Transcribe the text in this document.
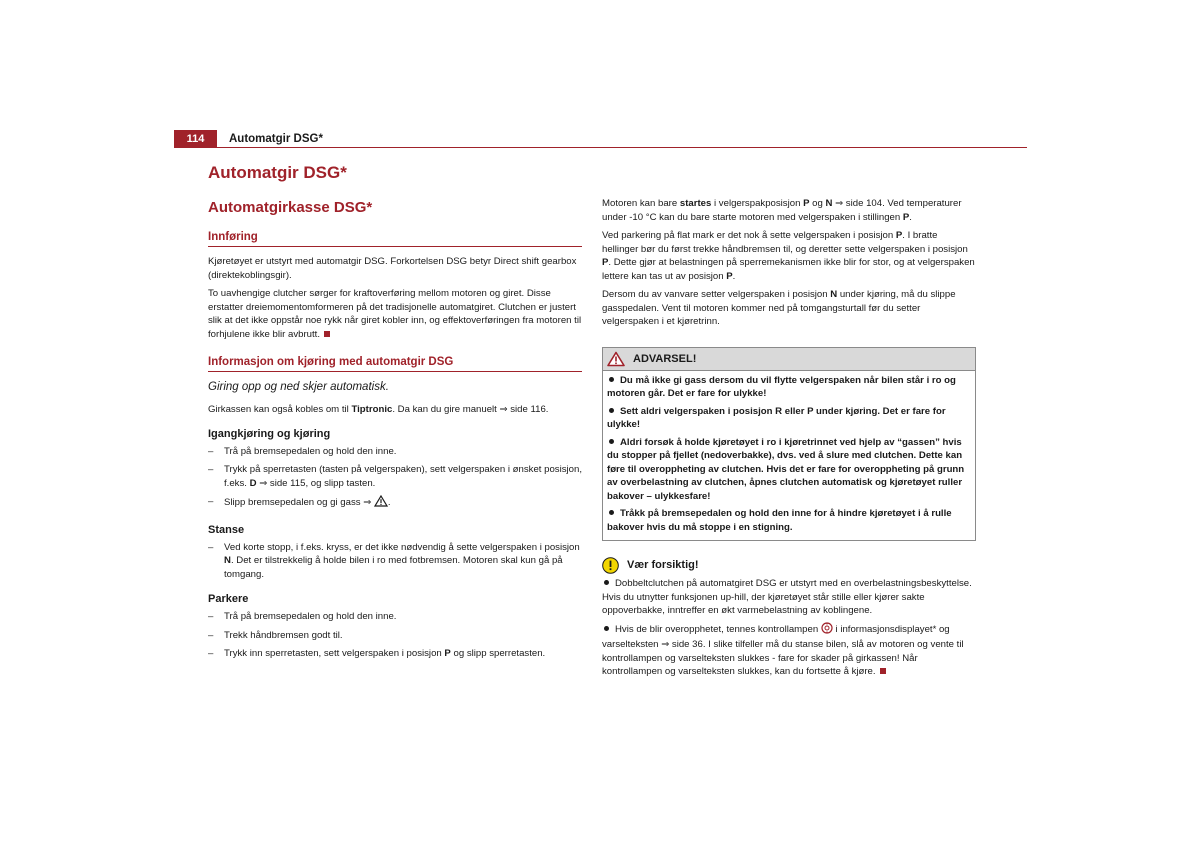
114	Automatgir DSG*
Automatgir DSG*
Automatgirkasse DSG*
Innføring

Kjøretøyet er utstyrt med automatgir DSG. Forkortelsen DSG betyr Direct shift gearbox (direktekoblingsgir).

To uavhengige clutcher sørger for kraftoverføring mellom motoren og giret. Disse erstatter dreiemomentomformeren på det tradisjonelle automatgiret. Clutchen er justert slik at det ikke oppstår noe rykk når giret kobler inn, og effektoverføringen fra motoren til forhjulene ikke blir avbrutt.

Informasjon om kjøring med automatgir DSG

Giring opp og ned skjer automatisk.

Girkassen kan også kobles om til Tiptronic. Da kan du gire manuelt ⇒ side 116.

Igangkjøring og kjøring
– Trå på bremsepedalen og hold den inne.
– Trykk på sperretasten (tasten på velgerspaken), sett velgerspaken i ønsket posisjon, f.eks. D ⇒ side 115, og slipp tasten.
– Slipp bremsepedalen og gi gass ⇒ .
Stanse
– Ved korte stopp, i f.eks. kryss, er det ikke nødvendig å sette velgerspaken i posisjon N. Det er tilstrekkelig å holde bilen i ro med fotbremsen. Motoren skal kun gå på tomgang.
Parkere
– Trå på bremsepedalen og hold den inne.
– Trekk håndbremsen godt til.
– Trykk inn sperretasten, sett velgerspaken i posisjon P og slipp sperretasten.

Motoren kan bare startes i velgerspakposisjon P og N ⇒ side 104. Ved temperaturer under -10 °C kan du bare starte motoren med velgerspaken i stillingen P.

Ved parkering på flat mark er det nok å sette velgerspaken i posisjon P. I bratte hellinger bør du først trekke håndbremsen til, og deretter sette velgerspaken i posisjon P. Dette gjør at belastningen på sperremekanismen ikke blir for stor, og at velgerspaken lettere kan tas ut av posisjon P.

Dersom du av vanvare setter velgerspaken i posisjon N under kjøring, må du slippe gasspedalen. Vent til motoren kommer ned på tomgangsturtall før du setter velgerspaken i et kjøretrinn.

ADVARSEL!
Du må ikke gi gass dersom du vil flytte velgerspaken når bilen står i ro og motoren går. Det er fare for ulykke!
Sett aldri velgerspaken i posisjon R eller P under kjøring. Det er fare for ulykke!
Aldri forsøk å holde kjøretøyet i ro i kjøretrinnet ved hjelp av “gassen” hvis du stopper på fjellet (nedoverbakke), dvs. ved å slure med clutchen. Dette kan føre til overoppheting av clutchen. Hvis det er fare for overoppheting på grunn av overbelastning av clutchen, åpnes clutchen automatisk og kjøretøyet ruller bakover – ulykkesfare!
Tråkk på bremsepedalen og hold den inne for å hindre kjøretøyet i å rulle bakover hvis du må stoppe i en stigning.
Vær forsiktig!
Dobbeltclutchen på automatgiret DSG er utstyrt med en overbelastningsbeskyttelse. Hvis du utnytter funksjonen up-hill, der kjøretøyet står stille eller kjører sakte oppoverbakke, inntreffer en økt varmebelastning av koblingene.
Hvis de blir overopphetet, tennes kontrollampen  i informasjonsdisplayet* og varselteksten ⇒ side 36. I slike tilfeller må du stanse bilen, slå av motoren og vente til kontrollampen og varselteksten slukkes - fare for skader på girkassen! Når kontrollampen og varselteksten slukkes, kan du fortsette å kjøre.
